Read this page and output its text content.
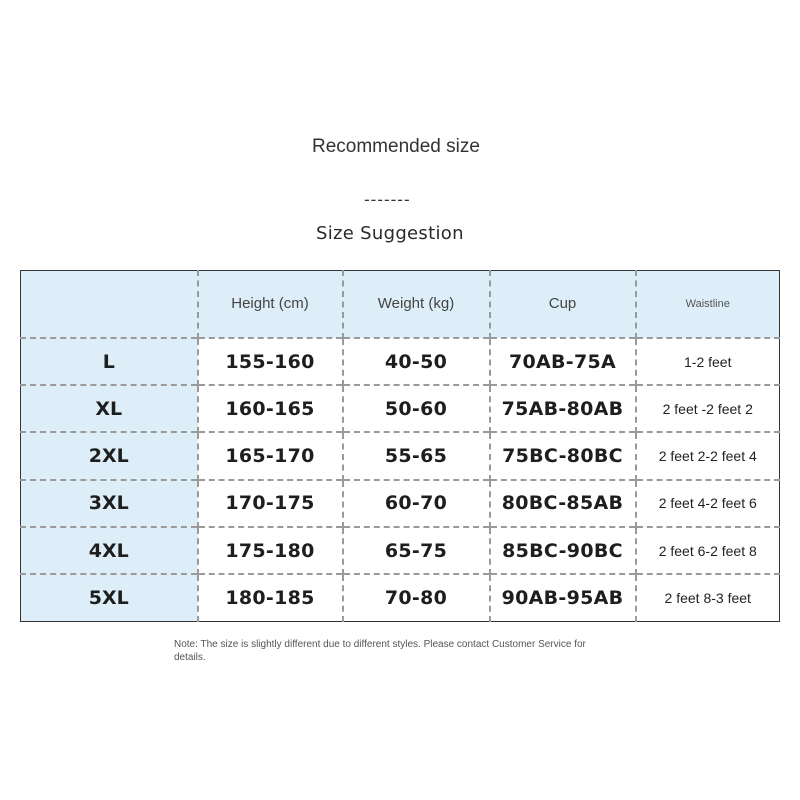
Recommended size
-------
Size Suggestion
	Height (cm)	Weight (kg)	Cup	Waistline
L	155-160	40-50	70AB-75A	1-2 feet
XL	160-165	50-60	75AB-80AB	2 feet -2 feet 2
2XL	165-170	55-65	75BC-80BC	2 feet 2-2 feet 4
3XL	170-175	60-70	80BC-85AB	2 feet 4-2 feet 6
4XL	175-180	65-75	85BC-90BC	2 feet 6-2 feet 8
5XL	180-185	70-80	90AB-95AB	2 feet 8-3 feet
Note: The size is slightly different due to different styles. Please contact Customer Service for details.
